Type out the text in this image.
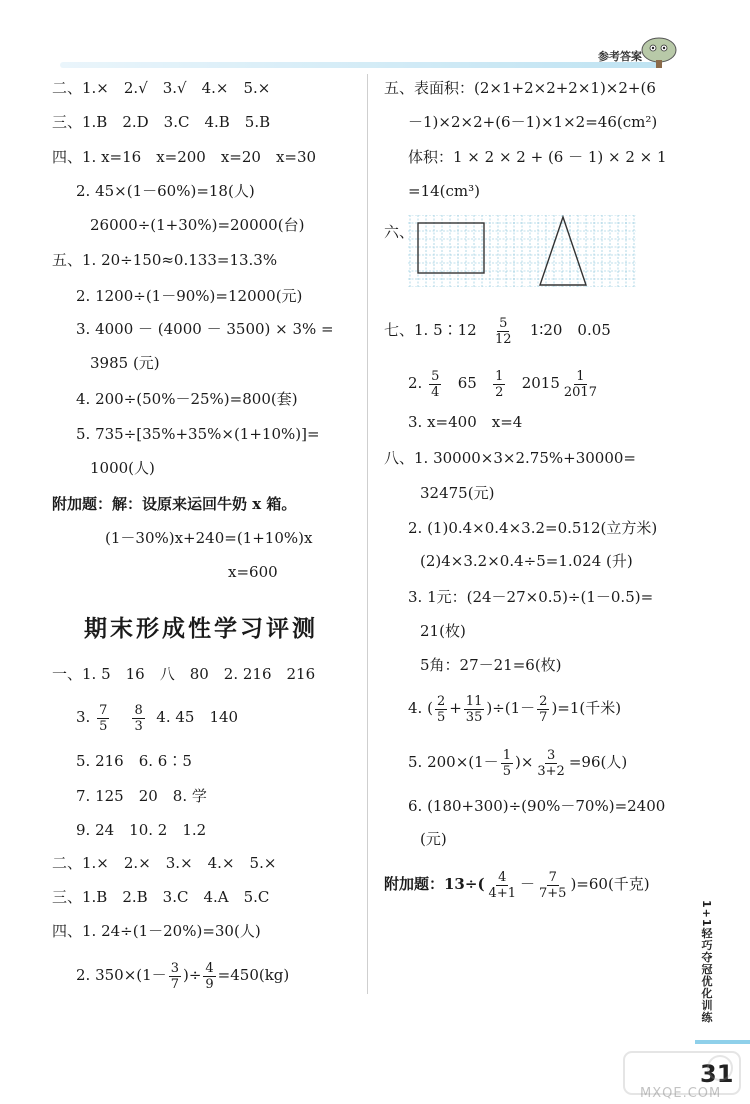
参考答案
二、1.×　2.√　3.√　4.×　5.×
三、1.B　2.D　3.C　4.B　5.B
四、1. x=16　x=200　x=20　x=30
2. 45×(1－60%)=18(人)
26000÷(1+30%)=20000(台)
五、1. 20÷150≈0.133=13.3%
2. 1200÷(1－90%)=12000(元)
3. 4000 － (4000 － 3500) × 3% =
3985 (元)
4. 200÷(50%－25%)=800(套)
5. 735÷[35%+35%×(1+10%)]=
1000(人)
附加题：解：设原来运回牛奶 x 箱。
(1－30%)x+240=(1+10%)x
x=600
期末形成性学习评测
一、1. 5　16　八　80　2. 216　216
3. $\frac{7}{5}$
$\frac{8}{3} 4$. 45　140
5. 216　6. 6∶5
7. 125　20　8. 学
9. 24　10. 2　1.2
二、1.×　2.×　3.×　4.×　5.×
三、1.B　2.B　3.C　4.A　5.C
四、1. 24÷(1－20%)=30(人)
2. $350\times(1- \frac{3}{7}$ )÷ $\frac{4}{9} =450(kg)$
五、表面积：(2×1+2×2+2×1)×2+(6
－1)×2×2+(6－1)×1×2=46(cm²)
体积：1 × 2 × 2 + (6 － 1) × 2 × 1
=14(cm³)
六、
七、1. 5∶12 $\frac{5}{12}$ 1∶20　0.05
2. $\frac{5}{4} 65 \frac{1}{2} 2015 \frac{1}{2017}$
3. x=400　x=4
八、1. 30000×3×2.75%+30000=
32475(元)
2. (1)0.4×0.4×3.2=0.512(立方米)
(2)4×3.2×0.4÷5=1.024 (升)
3. 1元：(24－27×0.5)÷(1－0.5)=
21(枚)
5角：27－21=6(枚)
4. ( $\frac{2}{5} + \frac{11}{35} )\div(1- \frac{2}{7} )=1$(千米)
5. $200\times(1- \frac{1}{5}$ )× $\frac{3}{3+2} =96$(人)
6. (180+300)÷(90%－70%)=2400
(元)
附加题：$13\div( \frac{4}{4+1} - \frac{7}{7+5} )=60$(千克)
1+1轻巧夺冠优化训练
31
MXQE.COM
